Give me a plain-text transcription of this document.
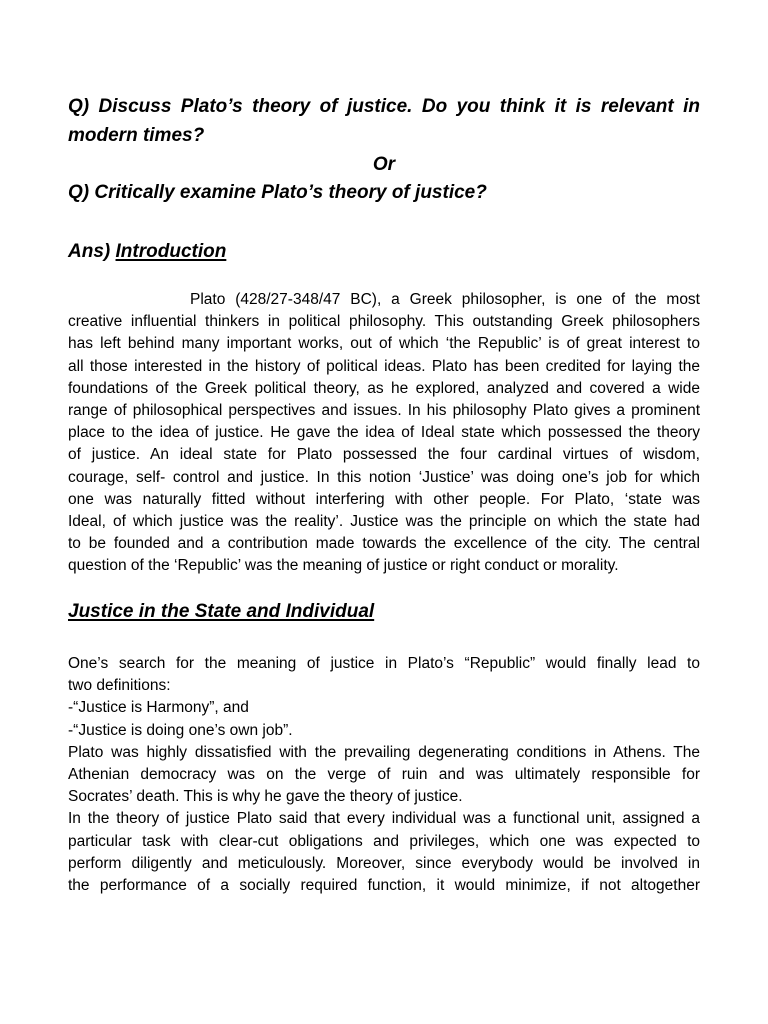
Q) Discuss Plato’s theory of justice. Do you think it is relevant in
modern times?
Or
Q) Critically examine Plato’s theory of justice?
Ans) Introduction
Plato (428/27-348/47 BC), a Greek philosopher, is one of the most
creative influential thinkers in political philosophy. This outstanding Greek philosophers
has left behind many important works, out of which ‘the Republic’ is of great interest to
all those interested in the history of political ideas. Plato has been credited for laying the
foundations of the Greek political theory, as he explored, analyzed and covered a wide
range of philosophical perspectives and issues. In his philosophy Plato gives a prominent
place to the idea of justice. He gave the idea of Ideal state which possessed the theory
of justice. An ideal state for Plato possessed the four cardinal virtues of wisdom,
courage, self- control and justice. In this notion ‘Justice’ was doing one’s job for which
one was naturally fitted without interfering with other people. For Plato, ‘state was
Ideal, of which justice was the reality’. Justice was the principle on which the state had
to be founded and a contribution made towards the excellence of the city. The central
question of the ‘Republic’ was the meaning of justice or right conduct or morality.
Justice in the State and Individual
One’s search for the meaning of justice in Plato’s “Republic” would finally lead to
two definitions:
-“Justice is Harmony”, and
-“Justice is doing one’s own job”.
Plato was highly dissatisfied with the prevailing degenerating conditions in Athens. The
Athenian democracy was on the verge of ruin and was ultimately responsible for
Socrates’ death. This is why he gave the theory of justice.
In the theory of justice Plato said that every individual was a functional unit, assigned a
particular task with clear-cut obligations and privileges, which one was expected to
perform diligently and meticulously. Moreover, since everybody would be involved in
the performance of a socially required function, it would minimize, if not altogether
